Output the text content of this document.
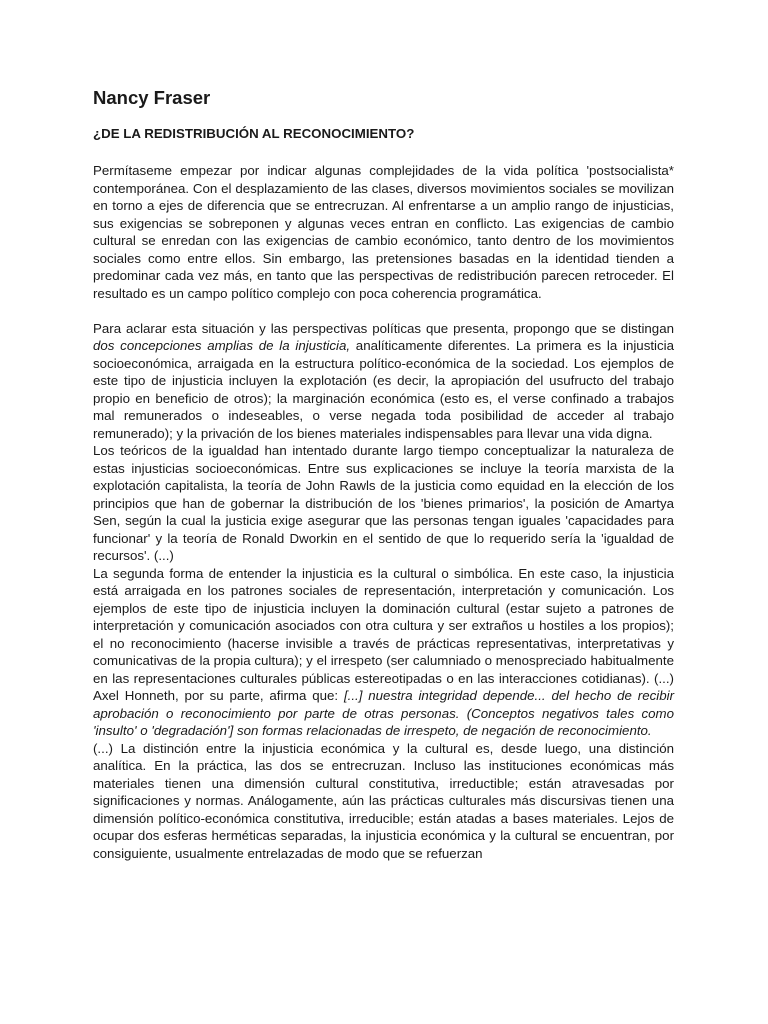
Nancy Fraser
¿DE LA REDISTRIBUCIÓN AL RECONOCIMIENTO?

Permítaseme empezar por indicar algunas complejidades de la vida política 'postsocialista* contemporánea. Con el desplazamiento de las clases, diversos movimientos sociales se movilizan en torno a ejes de diferencia que se entrecruzan. Al enfrentarse a un amplio rango de injusticias, sus exigencias se sobreponen y algunas veces entran en conflicto. Las exigencias de cambio cultural se enredan con las exigencias de cambio económico, tanto dentro de los movimientos sociales como entre ellos. Sin embargo, las pretensiones basadas en la identidad tienden a predominar cada vez más, en tanto que las perspectivas de redistribución parecen retroceder. El resultado es un campo político complejo con poca coherencia programática.

Para aclarar esta situación y las perspectivas políticas que presenta, propongo que se distingan dos concepciones amplias de la injusticia, analíticamente diferentes. La primera es la injusticia socioeconómica, arraigada en la estructura político-económica de la sociedad. Los ejemplos de este tipo de injusticia incluyen la explotación (es decir, la apropiación del usufructo del trabajo propio en beneficio de otros); la marginación económica (esto es, el verse confinado a trabajos mal remunerados o indeseables, o verse negada toda posibilidad de acceder al trabajo remunerado); y la privación de los bienes materiales indispensables para llevar una vida digna.

Los teóricos de la igualdad han intentado durante largo tiempo conceptualizar la naturaleza de estas injusticias socioeconómicas. Entre sus explicaciones se incluye la teoría marxista de la explotación capitalista, la teoría de John Rawls de la justicia como equidad en la elección de los principios que han de gobernar la distribución de los 'bienes primarios', la posición de Amartya Sen, según la cual la justicia exige asegurar que las personas tengan iguales 'capacidades para funcionar' y la teoría de Ronald Dworkin en el sentido de que lo requerido sería la 'igualdad de recursos'. (...)

La segunda forma de entender la injusticia es la cultural o simbólica. En este caso, la injusticia está arraigada en los patrones sociales de representación, interpretación y comunicación. Los ejemplos de este tipo de injusticia incluyen la dominación cultural (estar sujeto a patrones de interpretación y comunicación asociados con otra cultura y ser extraños u hostiles a los propios); el no reconocimiento (hacerse invisible a través de prácticas representativas, interpretativas y comunicativas de la propia cultura); y el irrespeto (ser calumniado o menospreciado habitualmente en las representaciones culturales públicas estereotipadas o en las interacciones cotidianas). (...) Axel Honneth, por su parte, afirma que: [...] nuestra integridad depende... del hecho de recibir aprobación o reconocimiento por parte de otras personas. (Conceptos negativos tales como 'insulto' o 'degradación'] son formas relacionadas de irrespeto, de negación de reconocimiento.

(...) La distinción entre la injusticia económica y la cultural es, desde luego, una distinción analítica. En la práctica, las dos se entrecruzan. Incluso las instituciones económicas más materiales tienen una dimensión cultural constitutiva, irreductible; están atravesadas por significaciones y normas. Análogamente, aún las prácticas culturales más discursivas tienen una dimensión político-económica constitutiva, irreducible; están atadas a bases materiales. Lejos de ocupar dos esferas herméticas separadas, la injusticia económica y la cultural se encuentran, por consiguiente, usualmente entrelazadas de modo que se refuerzan
